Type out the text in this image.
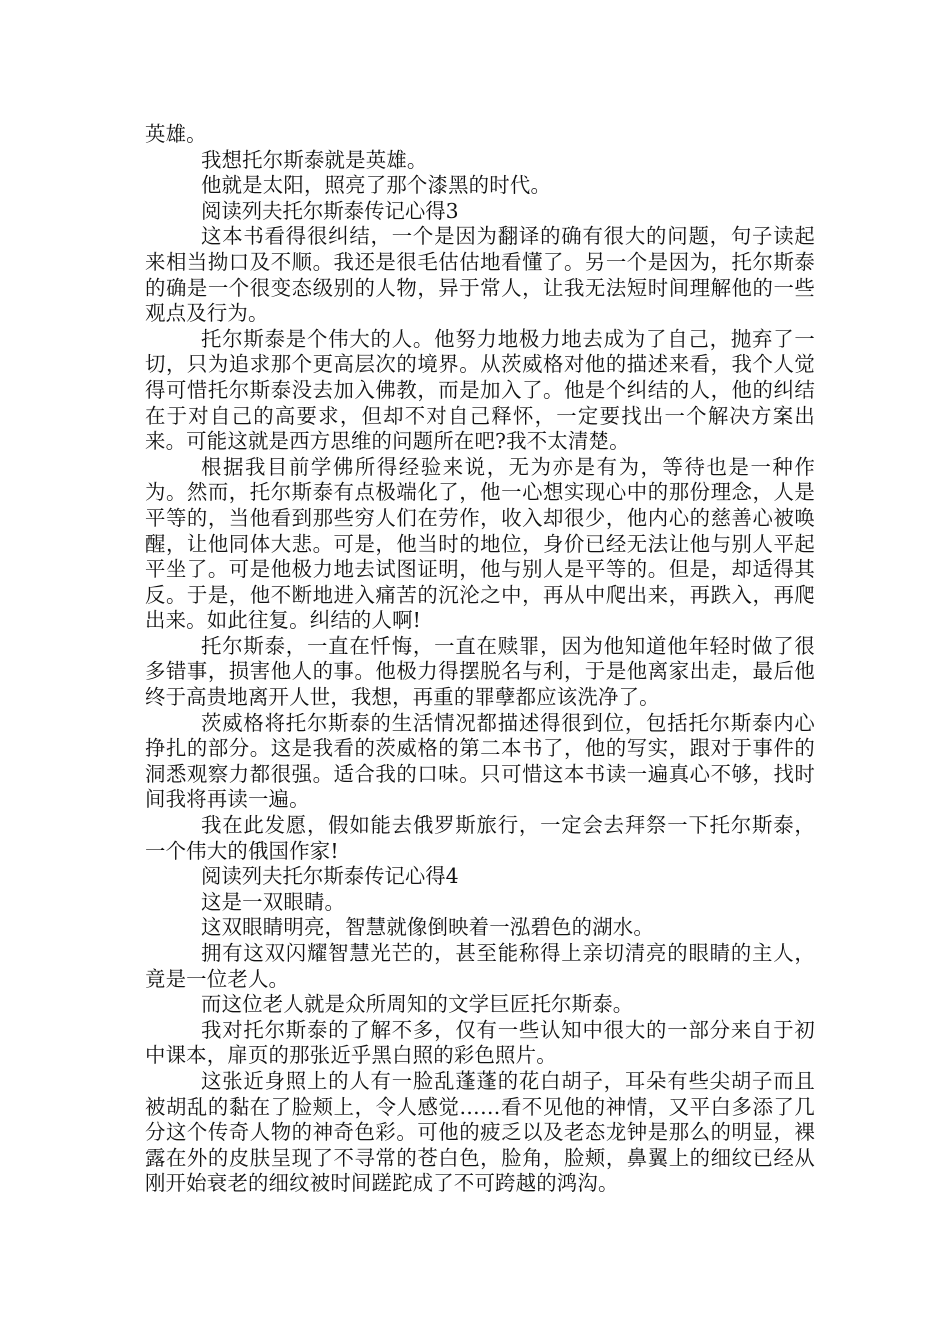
英雄。

我想托尔斯泰就是英雄。

他就是太阳，照亮了那个漆黑的时代。

阅读列夫托尔斯泰传记心得3

这本书看得很纠结，一个是因为翻译的确有很大的问题，句子读起来相当拗口及不顺。我还是很毛估估地看懂了。另一个是因为，托尔斯泰的确是一个很变态级别的人物，异于常人，让我无法短时间理解他的一些观点及行为。

托尔斯泰是个伟大的人。他努力地极力地去成为了自己，抛弃了一切，只为追求那个更高层次的境界。从茨威格对他的描述来看，我个人觉得可惜托尔斯泰没去加入佛教，而是加入了。他是个纠结的人，他的纠结在于对自己的高要求，但却不对自己释怀，一定要找出一个解决方案出来。可能这就是西方思维的问题所在吧?我不太清楚。

根据我目前学佛所得经验来说，无为亦是有为，等待也是一种作为。然而，托尔斯泰有点极端化了，他一心想实现心中的那份理念，人是平等的，当他看到那些穷人们在劳作，收入却很少，他内心的慈善心被唤醒，让他同体大悲。可是，他当时的地位，身价已经无法让他与别人平起平坐了。可是他极力地去试图证明，他与别人是平等的。但是，却适得其反。于是，他不断地进入痛苦的沉沦之中，再从中爬出来，再跌入，再爬出来。如此往复。纠结的人啊!

托尔斯泰，一直在忏悔，一直在赎罪，因为他知道他年轻时做了很多错事，损害他人的事。他极力得摆脱名与利，于是他离家出走，最后他终于高贵地离开人世，我想，再重的罪孽都应该洗净了。

茨威格将托尔斯泰的生活情况都描述得很到位，包括托尔斯泰内心挣扎的部分。这是我看的茨威格的第二本书了，他的写实，跟对于事件的洞悉观察力都很强。适合我的口味。只可惜这本书读一遍真心不够，找时间我将再读一遍。

我在此发愿，假如能去俄罗斯旅行，一定会去拜祭一下托尔斯泰，一个伟大的俄国作家!

阅读列夫托尔斯泰传记心得4

这是一双眼睛。

这双眼睛明亮，智慧就像倒映着一泓碧色的湖水。

拥有这双闪耀智慧光芒的，甚至能称得上亲切清亮的眼睛的主人，竟是一位老人。

而这位老人就是众所周知的文学巨匠托尔斯泰。

我对托尔斯泰的了解不多，仅有一些认知中很大的一部分来自于初中课本，扉页的那张近乎黑白照的彩色照片。

这张近身照上的人有一脸乱蓬蓬的花白胡子，耳朵有些尖胡子而且被胡乱的黏在了脸颊上，令人感觉……看不见他的神情，又平白多添了几分这个传奇人物的神奇色彩。可他的疲乏以及老态龙钟是那么的明显，裸露在外的皮肤呈现了不寻常的苍白色，脸角，脸颊，鼻翼上的细纹已经从刚开始衰老的细纹被时间蹉跎成了不可跨越的鸿沟。
